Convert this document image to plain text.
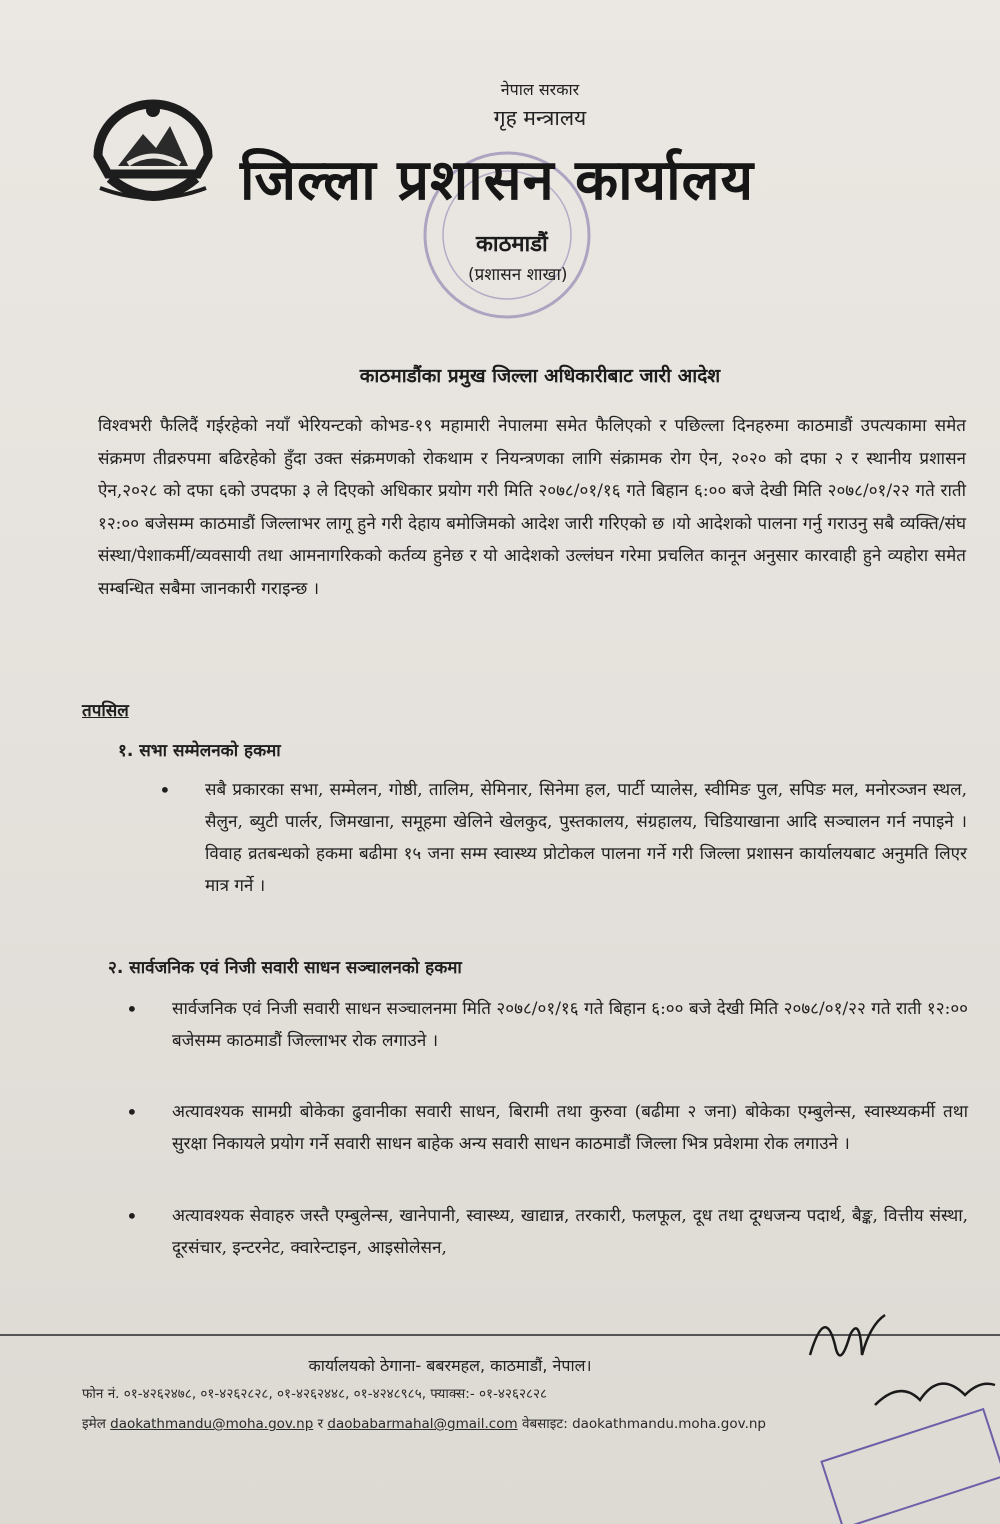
नेपाल सरकार
गृह मन्त्रालय
जिल्ला प्रशासन कार्यालय
काठमाडौं
(प्रशासन शाखा)
काठमाडौंका प्रमुख जिल्ला अधिकारीबाट जारी आदेश
विश्वभरी फैलिदैं गईरहेको नयाँ भेरियन्टको कोभड-१९ महामारी नेपालमा समेत फैलिएको र पछिल्ला दिनहरुमा काठमाडौं उपत्यकामा समेत संक्रमण तीव्ररुपमा बढिरहेको हुँदा उक्त संक्रमणको रोकथाम र नियन्त्रणका लागि संक्रामक रोग ऐन, २०२० को दफा २ र स्थानीय प्रशासन ऐन,२०२८ को दफा ६को उपदफा ३ ले दिएको अधिकार प्रयोग गरी मिति २०७८/०१/१६ गते बिहान ६:०० बजे देखी मिति २०७८/०१/२२ गते राती १२:०० बजेसम्म काठमाडौं जिल्लाभर लागू हुने गरी देहाय बमोजिमको आदेश जारी गरिएको छ ।यो आदेशको पालना गर्नु गराउनु सबै व्यक्ति/संघ संस्था/पेशाकर्मी/व्यवसायी तथा आमनागरिकको कर्तव्य हुनेछ र यो आदेशको उल्लंघन गरेमा प्रचलित कानून अनुसार कारवाही हुने व्यहोरा समेत सम्बन्धित सबैमा जानकारी गराइन्छ ।
तपसिल
१. सभा सम्मेलनको हकमा
• सबै प्रकारका सभा, सम्मेलन, गोष्ठी, तालिम, सेमिनार, सिनेमा हल, पार्टी प्यालेस, स्वीमिङ पुल, सपिङ मल, मनोरञ्जन स्थल, सैलुन, ब्युटी पार्लर, जिमखाना, समूहमा खेलिने खेलकुद, पुस्तकालय, संग्रहालय, चिडियाखाना आदि सञ्चालन गर्न नपाइने । विवाह व्रतबन्धको हकमा बढीमा १५ जना सम्म स्वास्थ्य प्रोटोकल पालना गर्ने गरी जिल्ला प्रशासन कार्यालयबाट अनुमति लिएर मात्र गर्ने ।
२. सार्वजनिक एवं निजी सवारी साधन सञ्चालनको हकमा
• सार्वजनिक एवं निजी सवारी साधन सञ्चालनमा मिति २०७८/०१/१६ गते बिहान ६:०० बजे देखी मिति २०७८/०१/२२ गते राती १२:०० बजेसम्म काठमाडौं जिल्लाभर रोक लगाउने ।
• अत्यावश्यक सामग्री बोकेका ढुवानीका सवारी साधन, बिरामी तथा कुरुवा (बढीमा २ जना) बोकेका एम्बुलेन्स, स्वास्थ्यकर्मी तथा सुरक्षा निकायले प्रयोग गर्ने सवारी साधन बाहेक अन्य सवारी साधन काठमाडौं जिल्ला भित्र प्रवेशमा रोक लगाउने ।
• अत्यावश्यक सेवाहरु जस्तै एम्बुलेन्स, खानेपानी, स्वास्थ्य, खाद्यान्न, तरकारी, फलफूल, दूध तथा दूग्धजन्य पदार्थ, बैङ्क, वित्तीय संस्था, दूरसंचार, इन्टरनेट, क्वारेन्टाइन, आइसोलेसन,
कार्यालयको ठेगाना- बबरमहल, काठमाडौं, नेपाल।
फोन नं. ०१-४२६२४७८, ०१-४२६२८२८, ०१-४२६२४४८, ०१-४२४८९८५, फ्याक्स:- ०१-४२६२८२८
इमेल daokathmandu@moha.gov.np र daobabarmahal@gmail.com वेबसाइट: daokathmandu.moha.gov.np
